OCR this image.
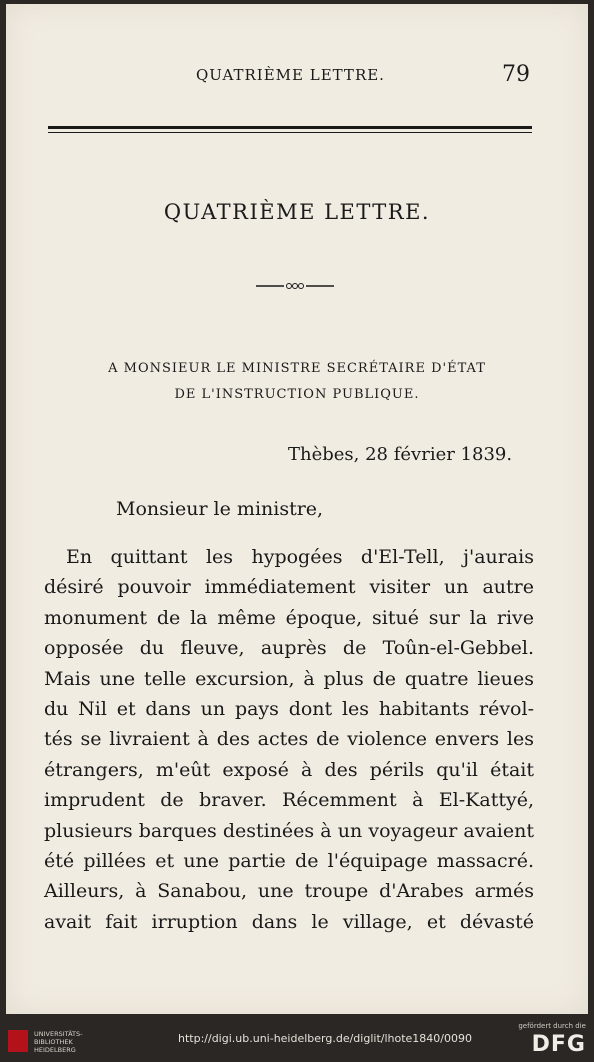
QUATRIÈME LETTRE.	79
QUATRIÈME LETTRE.
A MONSIEUR LE MINISTRE SECRÉTAIRE D'ÉTAT
DE L'INSTRUCTION PUBLIQUE.
Thèbes, 28 février 1839.
Monsieur le ministre,
En quittant les hypogées d'El-Tell, j'aurais
désiré pouvoir immédiatement visiter un autre
monument de la même époque, situé sur la rive
opposée du fleuve, auprès de Toûn-el-Gebbel.
Mais une telle excursion, à plus de quatre lieues
du Nil et dans un pays dont les habitants révol-
tés se livraient à des actes de violence envers les
étrangers, m'eût exposé à des périls qu'il était
imprudent de braver. Récemment à El-Kattyé,
plusieurs barques destinées à un voyageur avaient
été pillées et une partie de l'équipage massacré.
Ailleurs, à Sanabou, une troupe d'Arabes armés
avait fait irruption dans le village, et dévasté
UNIVERSITÄTS-
BIBLIOTHEK
HEIDELBERG
http://digi.ub.uni-heidelberg.de/diglit/lhote1840/0090
gefördert durch die
DFG
